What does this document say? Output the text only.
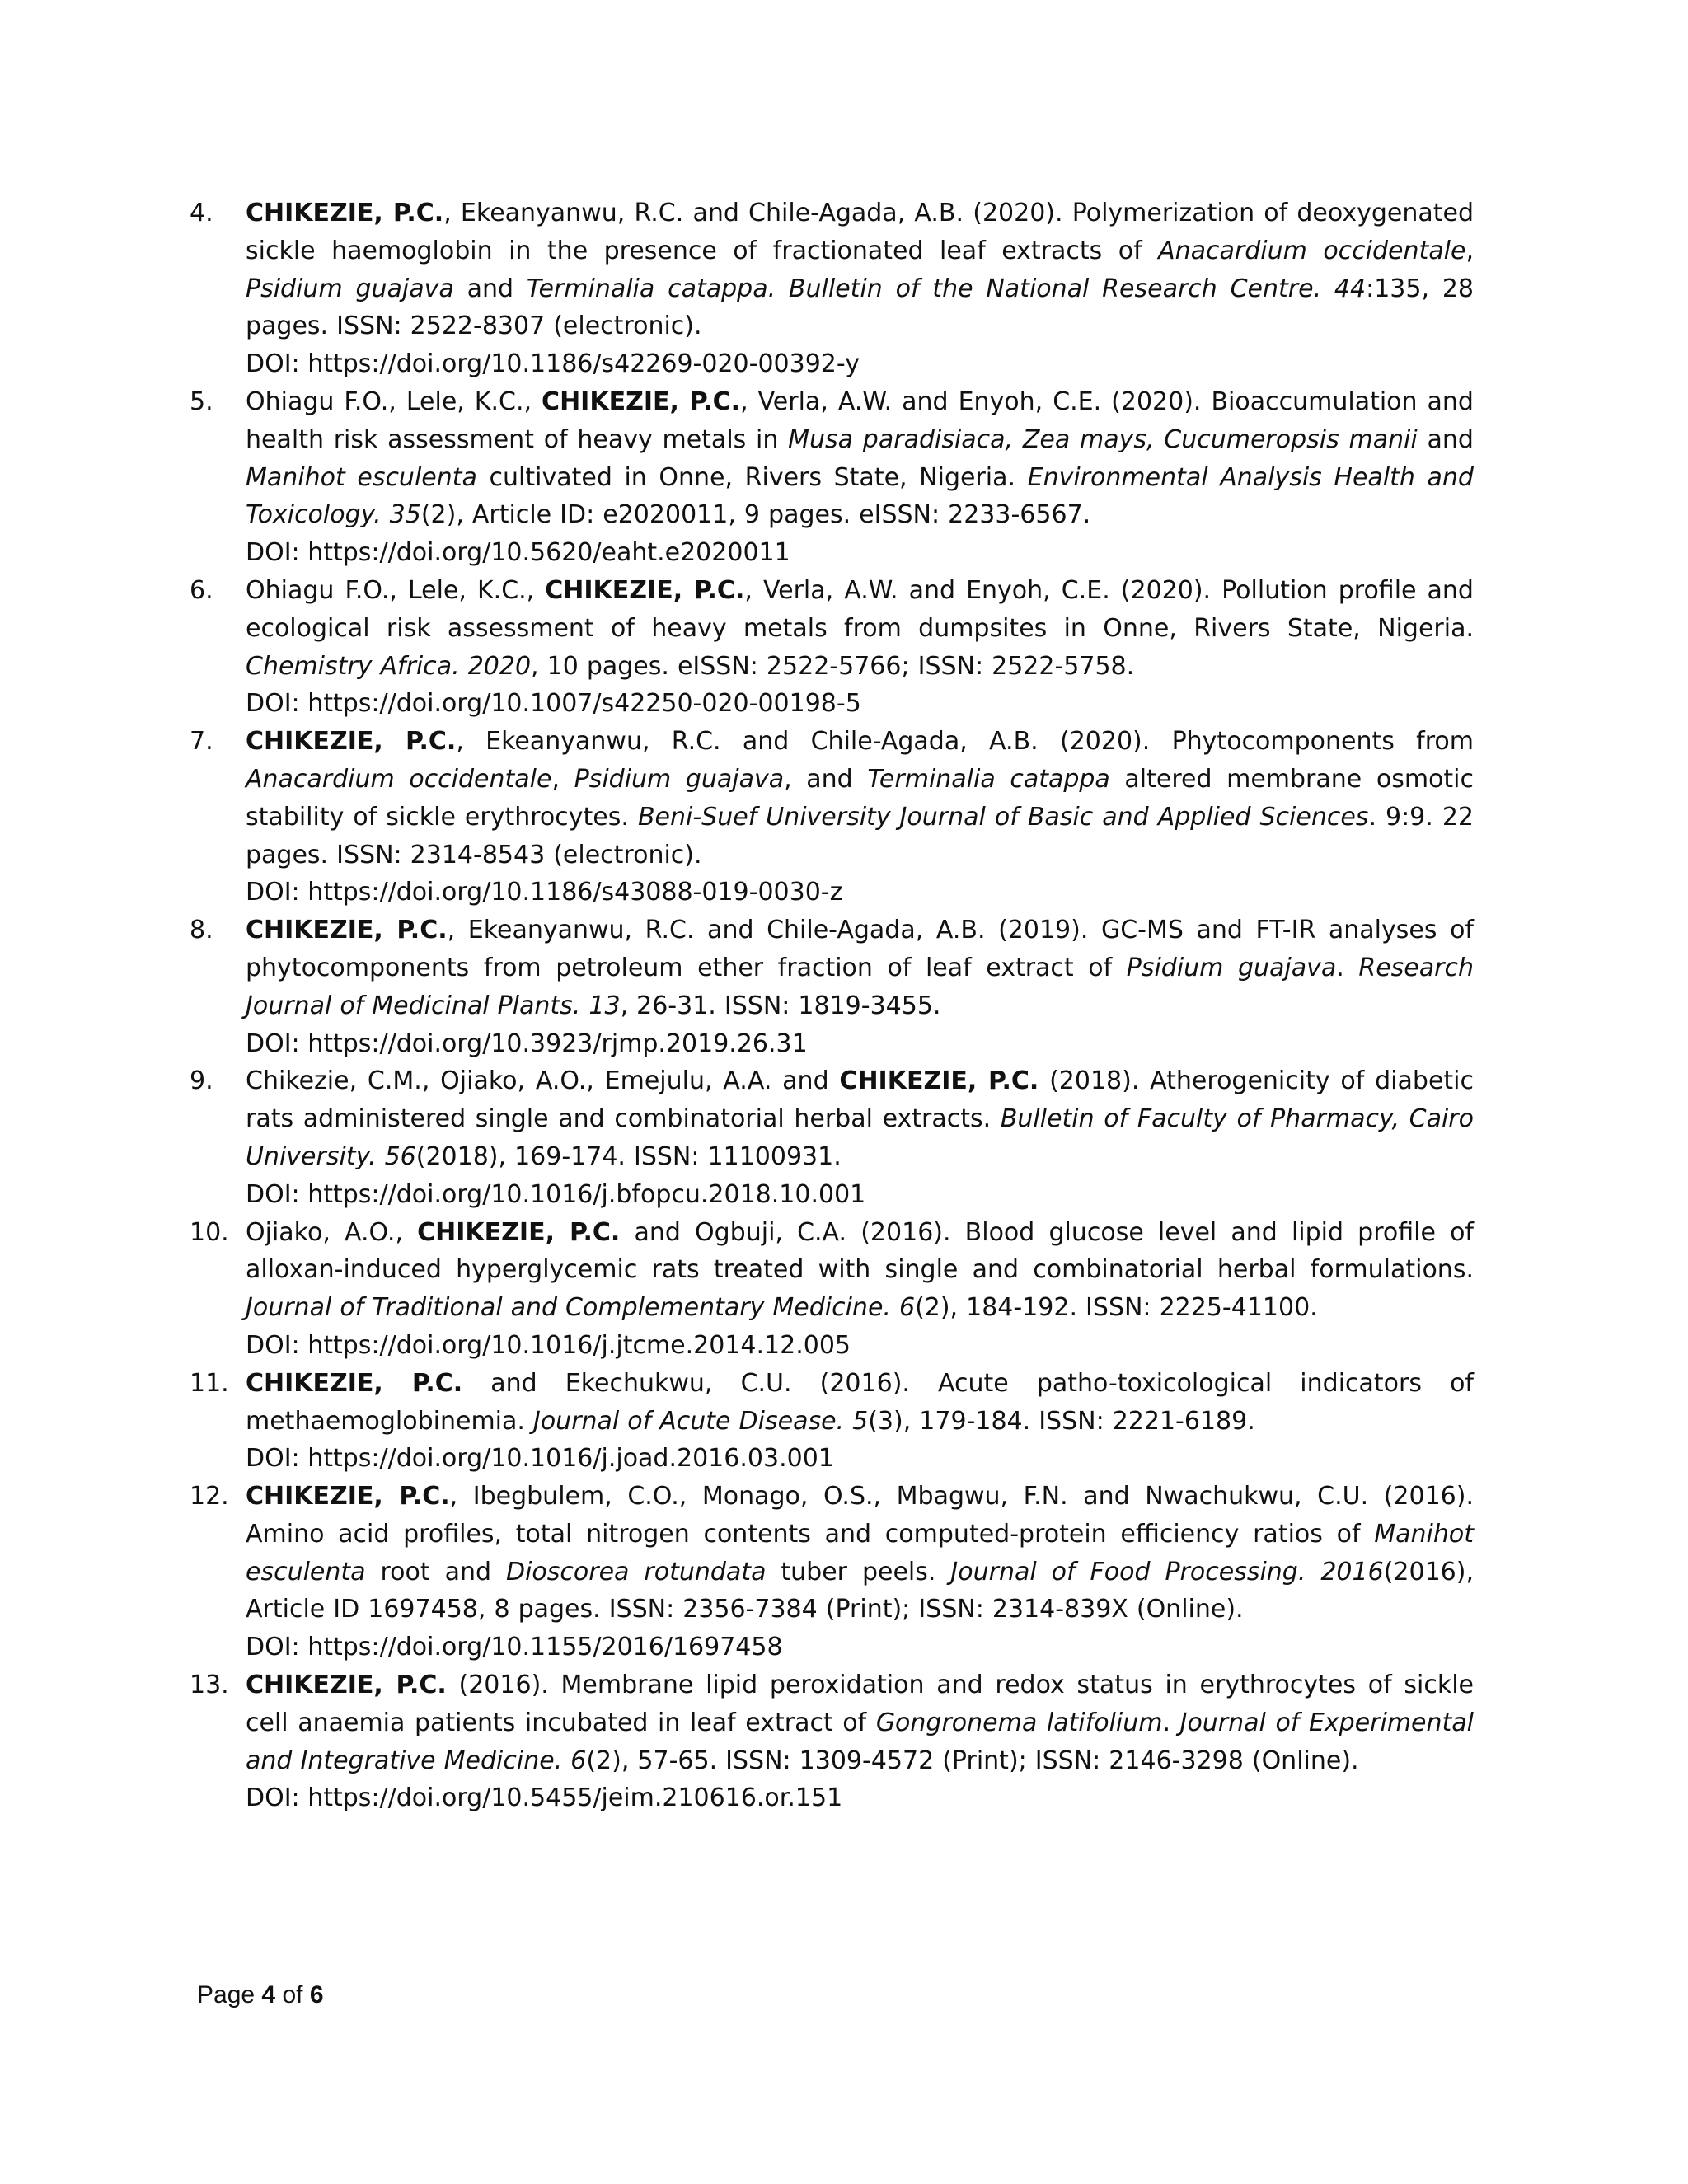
4.	CHIKEZIE, P.C., Ekeanyanwu, R.C. and Chile-Agada, A.B. (2020). Polymerization of deoxygenated sickle haemoglobin in the presence of fractionated leaf extracts of Anacardium occidentale, Psidium guajava and Terminalia catappa. Bulletin of the National Research Centre. 44:135, 28 pages. ISSN: 2522-8307 (electronic).
DOI: https://doi.org/10.1186/s42269-020-00392-y
5.	Ohiagu F.O., Lele, K.C., CHIKEZIE, P.C., Verla, A.W. and Enyoh, C.E. (2020). Bioaccumulation and health risk assessment of heavy metals in Musa paradisiaca, Zea mays, Cucumeropsis manii and Manihot esculenta cultivated in Onne, Rivers State, Nigeria. Environmental Analysis Health and Toxicology. 35(2), Article ID: e2020011, 9 pages. eISSN: 2233-6567.
DOI: https://doi.org/10.5620/eaht.e2020011
6.	Ohiagu F.O., Lele, K.C., CHIKEZIE, P.C., Verla, A.W. and Enyoh, C.E. (2020). Pollution profile and ecological risk assessment of heavy metals from dumpsites in Onne, Rivers State, Nigeria. Chemistry Africa. 2020, 10 pages. eISSN: 2522-5766; ISSN: 2522-5758.
DOI: https://doi.org/10.1007/s42250-020-00198-5
7.	CHIKEZIE, P.C., Ekeanyanwu, R.C. and Chile-Agada, A.B. (2020). Phytocomponents from Anacardium occidentale, Psidium guajava, and Terminalia catappa altered membrane osmotic stability of sickle erythrocytes. Beni-Suef University Journal of Basic and Applied Sciences. 9:9. 22 pages. ISSN: 2314-8543 (electronic).
DOI: https://doi.org/10.1186/s43088-019-0030-z
8.	CHIKEZIE, P.C., Ekeanyanwu, R.C. and Chile-Agada, A.B. (2019). GC-MS and FT-IR analyses of phytocomponents from petroleum ether fraction of leaf extract of Psidium guajava. Research Journal of Medicinal Plants. 13, 26-31. ISSN: 1819-3455.
DOI: https://doi.org/10.3923/rjmp.2019.26.31
9.	Chikezie, C.M., Ojiako, A.O., Emejulu, A.A. and CHIKEZIE, P.C. (2018). Atherogenicity of diabetic rats administered single and combinatorial herbal extracts. Bulletin of Faculty of Pharmacy, Cairo University. 56(2018), 169-174. ISSN: 11100931.
DOI: https://doi.org/10.1016/j.bfopcu.2018.10.001
10. Ojiako, A.O., CHIKEZIE, P.C. and Ogbuji, C.A. (2016). Blood glucose level and lipid profile of alloxan-induced hyperglycemic rats treated with single and combinatorial herbal formulations. Journal of Traditional and Complementary Medicine. 6(2), 184-192. ISSN: 2225-41100.
DOI: https://doi.org/10.1016/j.jtcme.2014.12.005
11. CHIKEZIE, P.C. and Ekechukwu, C.U. (2016). Acute patho-toxicological indicators of methaemoglobinemia. Journal of Acute Disease. 5(3), 179-184. ISSN: 2221-6189.
DOI: https://doi.org/10.1016/j.joad.2016.03.001
12. CHIKEZIE, P.C., Ibegbulem, C.O., Monago, O.S., Mbagwu, F.N. and Nwachukwu, C.U. (2016). Amino acid profiles, total nitrogen contents and computed-protein efficiency ratios of Manihot esculenta root and Dioscorea rotundata tuber peels. Journal of Food Processing. 2016(2016), Article ID 1697458, 8 pages. ISSN: 2356-7384 (Print); ISSN: 2314-839X (Online).
DOI: https://doi.org/10.1155/2016/1697458
13. CHIKEZIE, P.C. (2016). Membrane lipid peroxidation and redox status in erythrocytes of sickle cell anaemia patients incubated in leaf extract of Gongronema latifolium. Journal of Experimental and Integrative Medicine. 6(2), 57-65. ISSN: 1309-4572 (Print); ISSN: 2146-3298 (Online).
DOI: https://doi.org/10.5455/jeim.210616.or.151
Page 4 of 6
